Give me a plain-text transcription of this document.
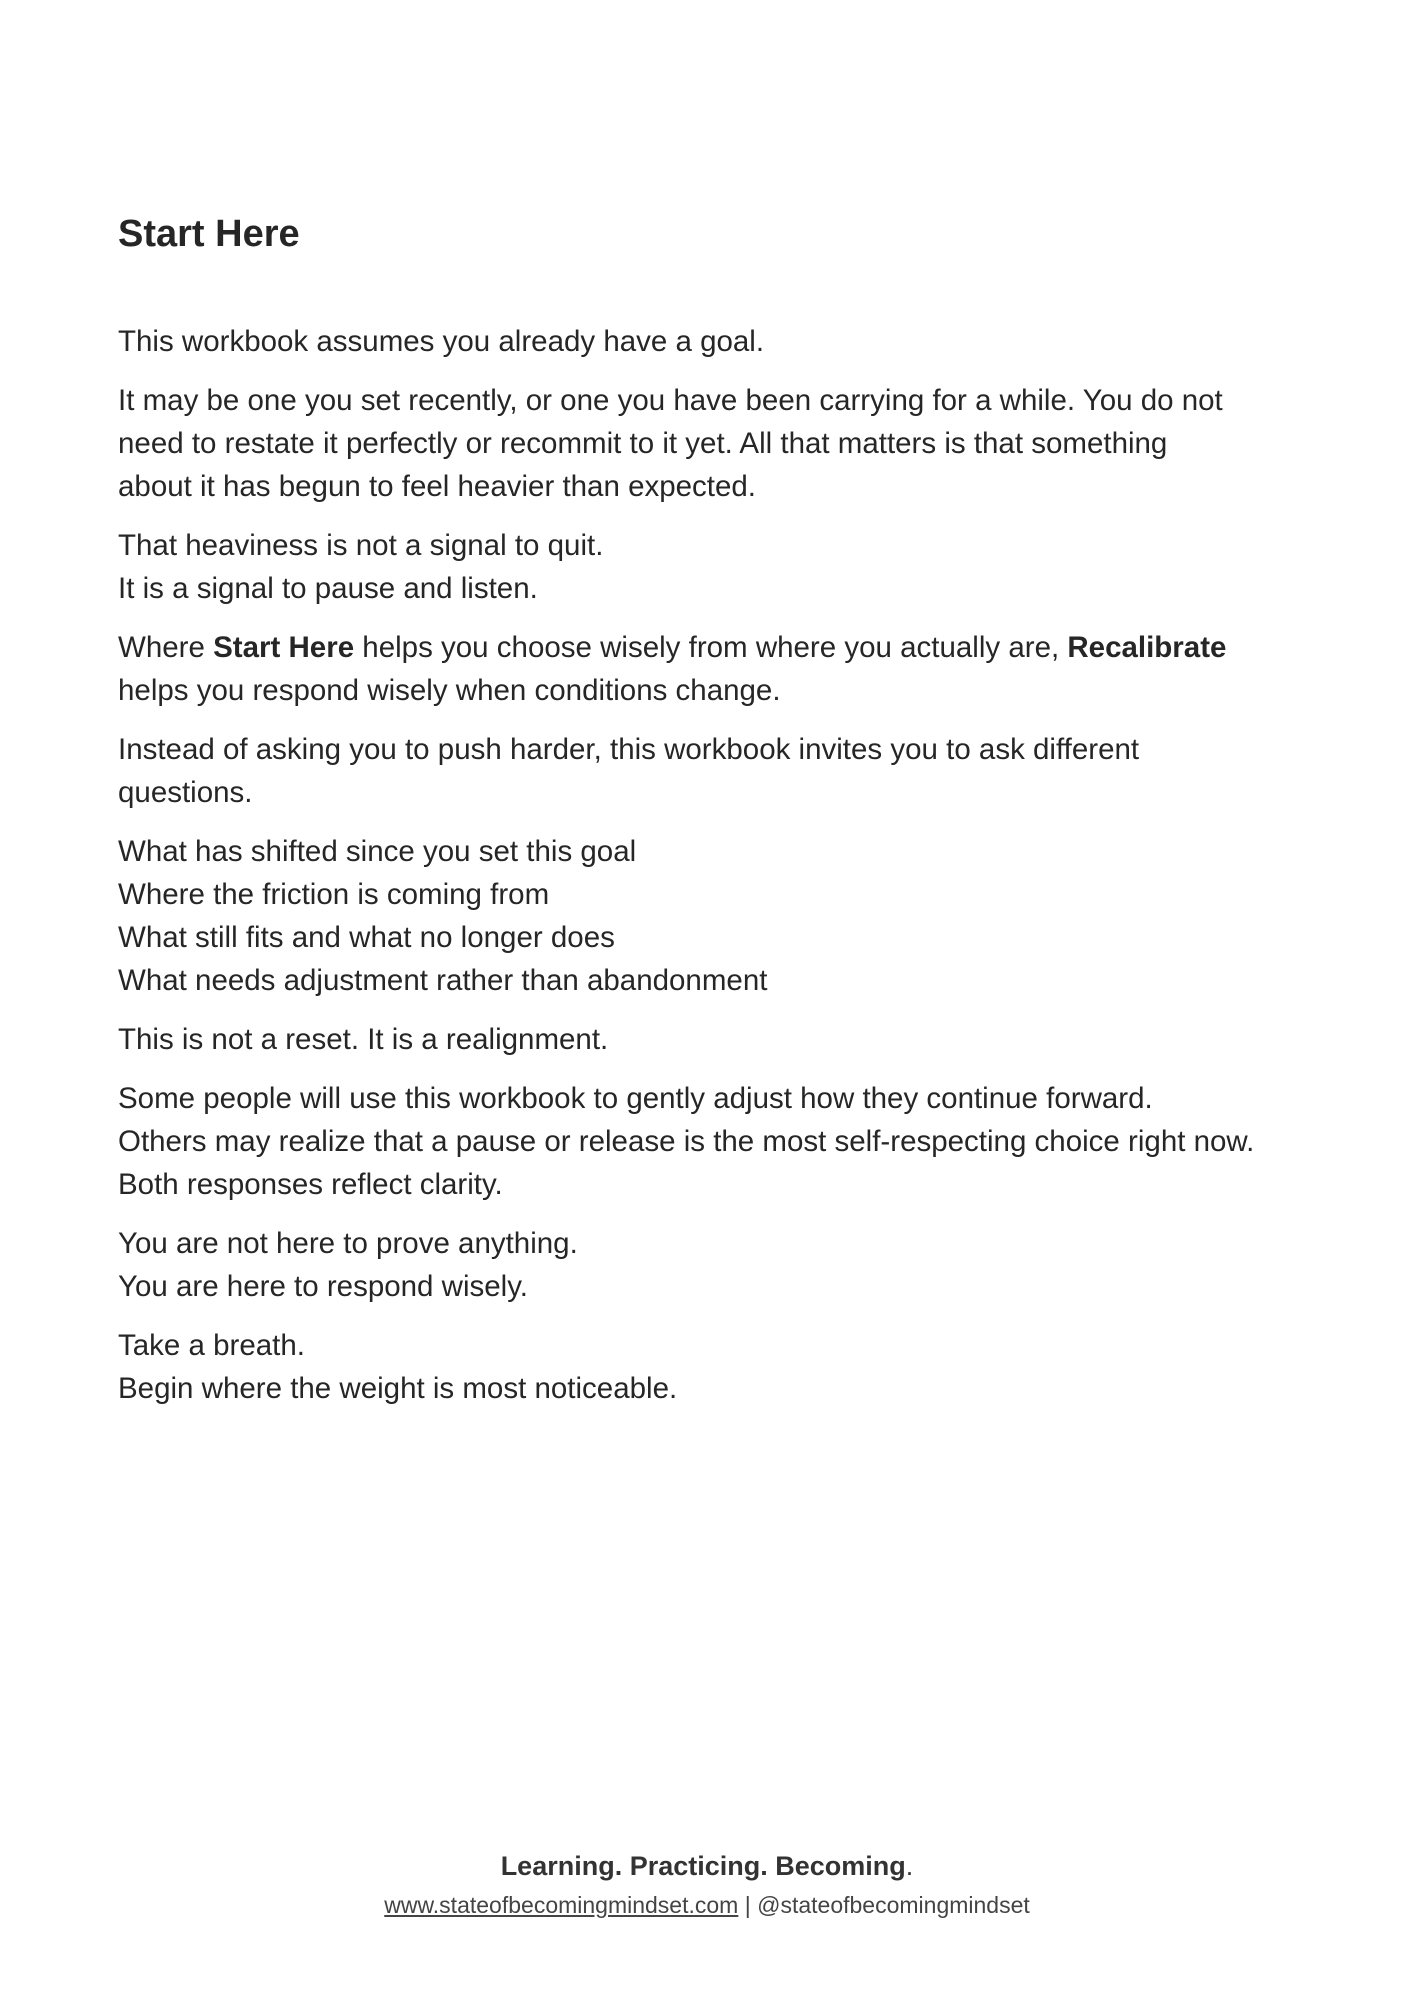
Start Here

This workbook assumes you already have a goal.

It may be one you set recently, or one you have been carrying for a while. You do not
need to restate it perfectly or recommit to it yet. All that matters is that something
about it has begun to feel heavier than expected.

That heaviness is not a signal to quit.
It is a signal to pause and listen.

Where Start Here helps you choose wisely from where you actually are, Recalibrate
helps you respond wisely when conditions change.

Instead of asking you to push harder, this workbook invites you to ask different
questions.

What has shifted since you set this goal
Where the friction is coming from
What still fits and what no longer does
What needs adjustment rather than abandonment

This is not a reset. It is a realignment.

Some people will use this workbook to gently adjust how they continue forward.
Others may realize that a pause or release is the most self-respecting choice right now.
Both responses reflect clarity.

You are not here to prove anything.
You are here to respond wisely.

Take a breath.
Begin where the weight is most noticeable.

Learning. Practicing. Becoming.
www.stateofbecomingmindset.com | @stateofbecomingmindset
